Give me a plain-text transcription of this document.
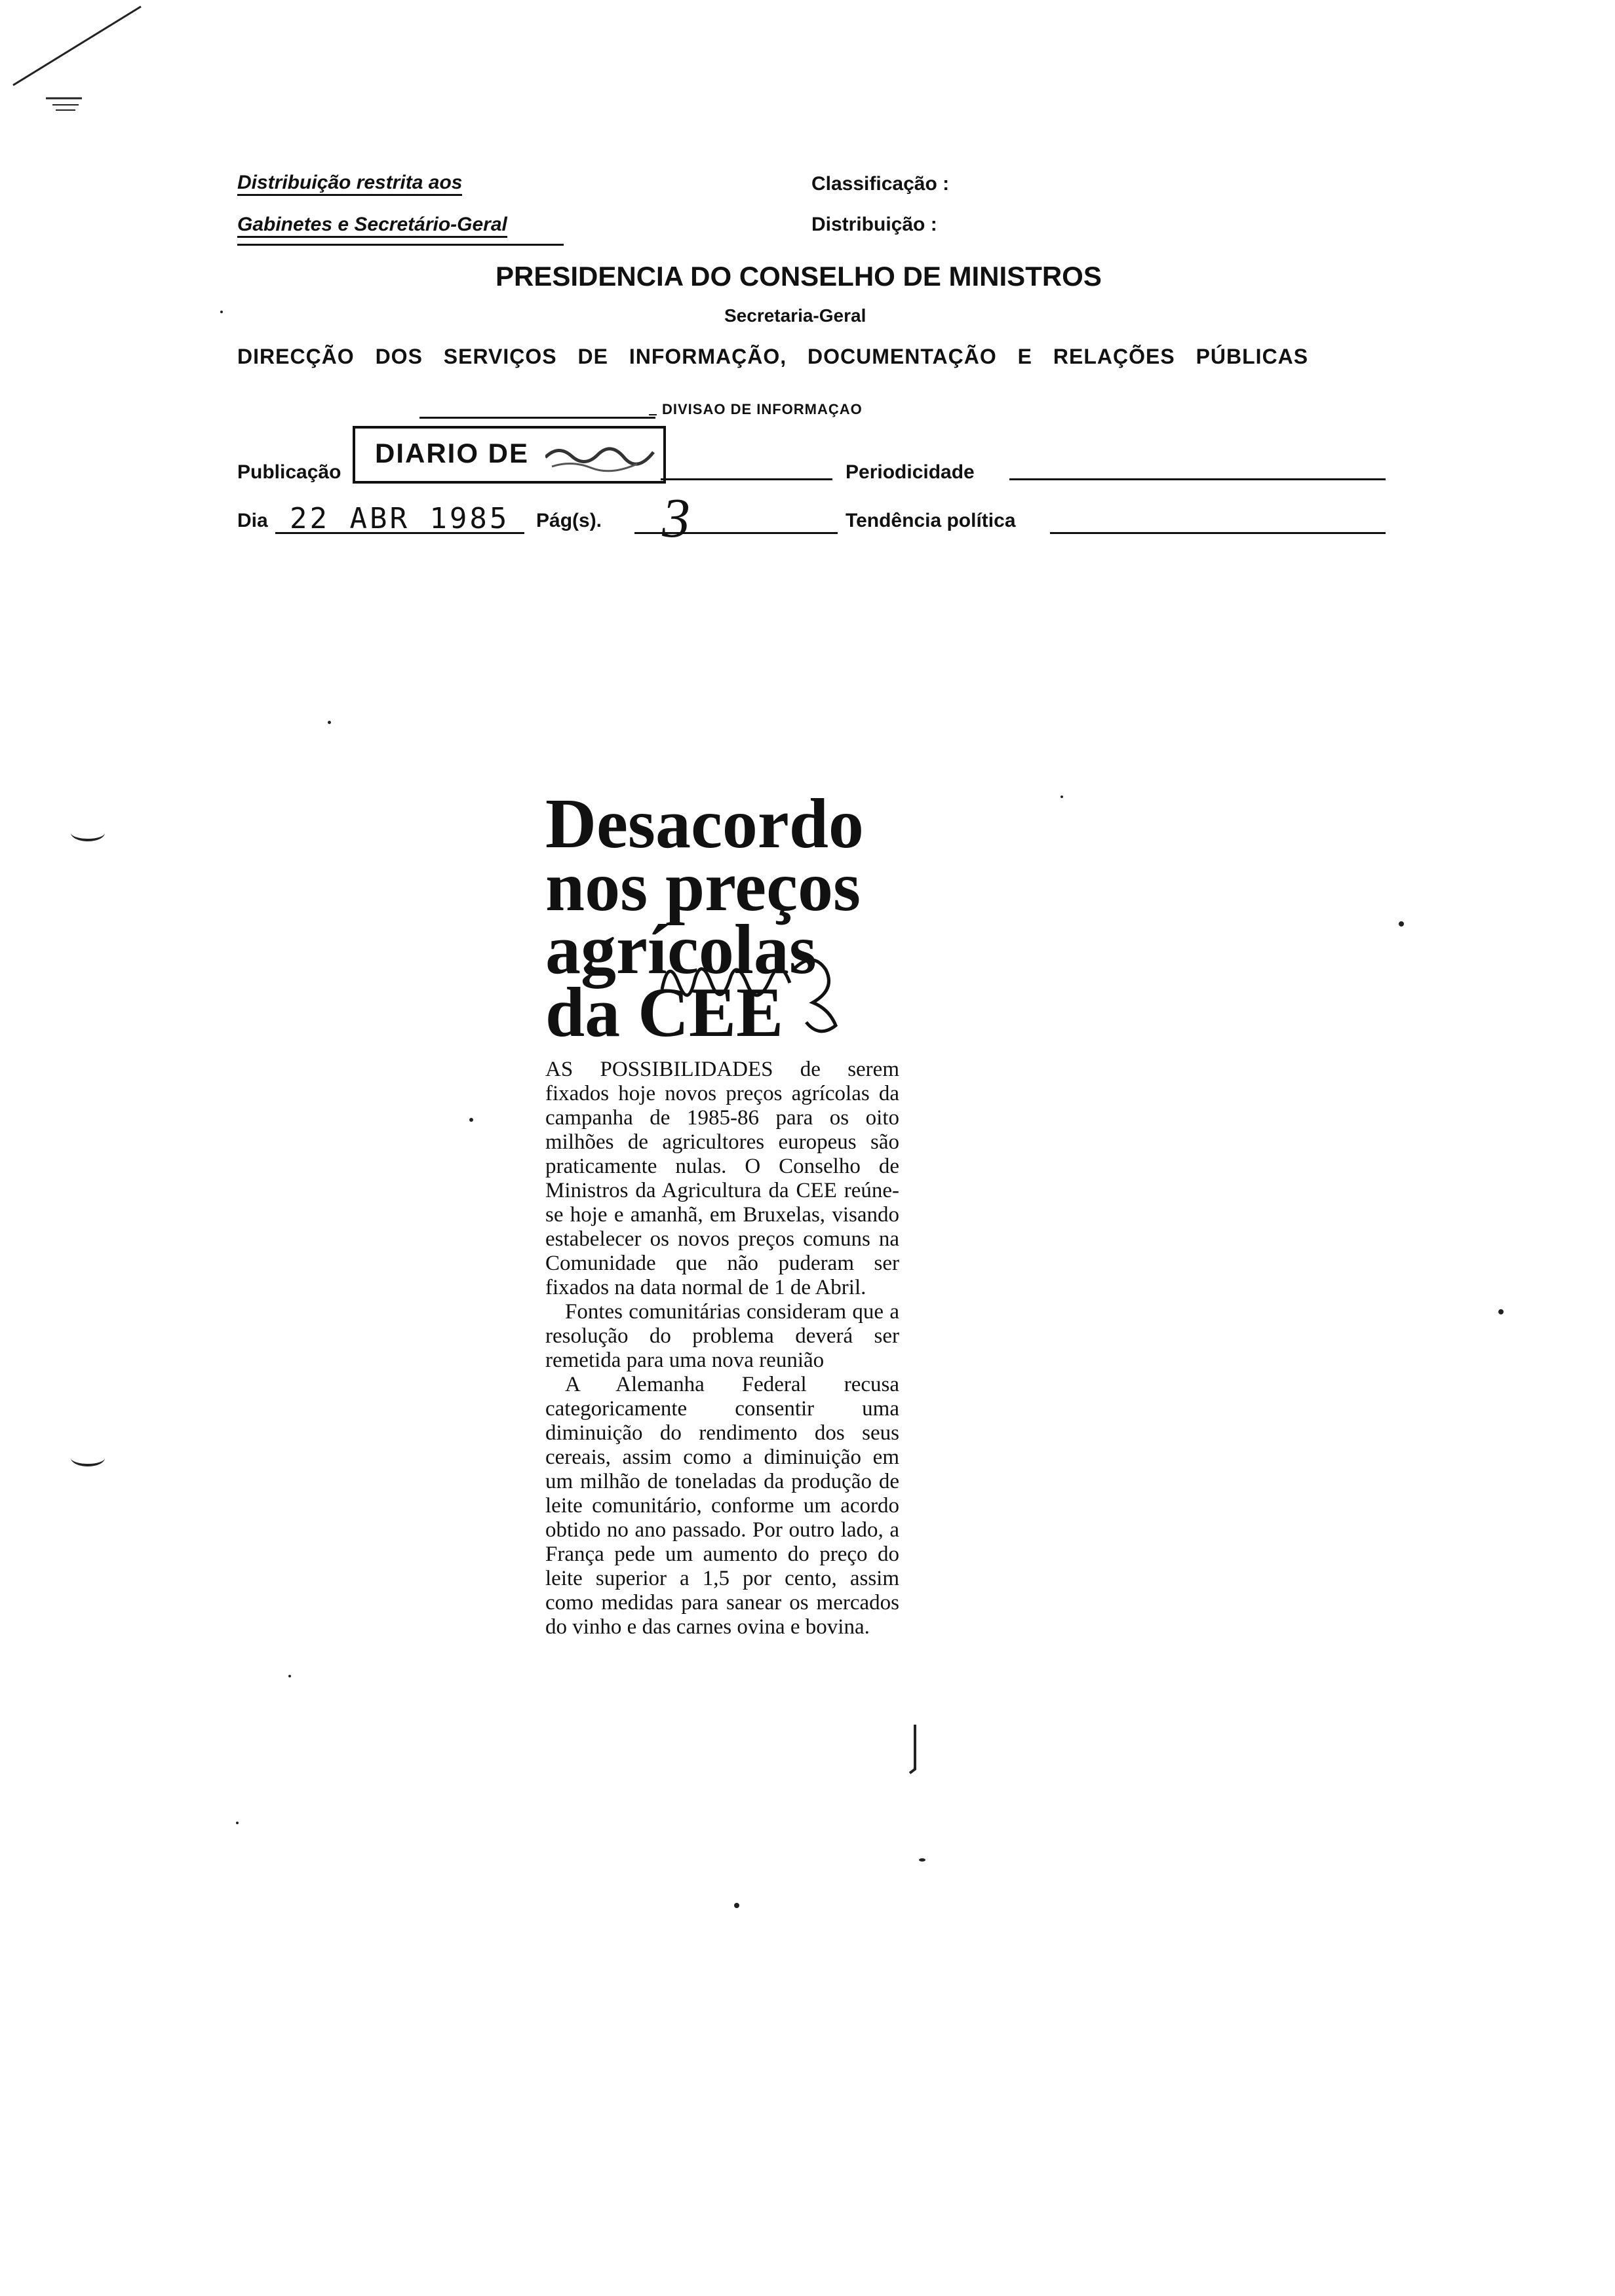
Distribuição restrita aos
Gabinetes e Secretário-Geral
Classificação :
Distribuição :
PRESIDENCIA DO CONSELHO DE MINISTROS
Secretaria-Geral
DIRECÇÃO DOS SERVIÇOS DE INFORMAÇÃO, DOCUMENTAÇÃO E RELAÇÕES PÚBLICAS
DIVISAO DE INFORMAÇAO
Publicação
DIARIO DE
Periodicidade
Dia 22 ABR 1985 Pág(s). 3	Tendência política
Desacordo
nos preços
agrícolas
da CEE

AS POSSIBILIDADES de serem fixados hoje novos preços agrícolas da campanha de 1985-86 para os oito milhões de agricultores europeus são praticamente nulas. O Conselho de Ministros da Agricultura da CEE reúne-se hoje e amanhã, em Bruxelas, visando estabelecer os novos preços comuns na Comunidade que não puderam ser fixados na data normal de 1 de Abril.

Fontes comunitárias consideram que a resolução do problema deverá ser remetida para uma nova reunião

A Alemanha Federal recusa categoricamente consentir uma diminuição do rendimento dos seus cereais, assim como a diminuição em um milhão de toneladas da produção de leite comunitário, conforme um acordo obtido no ano passado. Por outro lado, a França pede um aumento do preço do leite superior a 1,5 por cento, assim como medidas para sanear os mercados do vinho e das carnes ovina e bovina.
